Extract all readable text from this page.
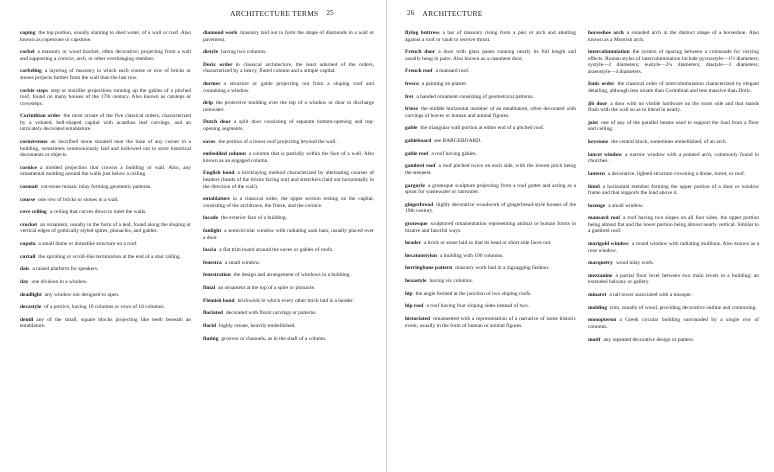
ARCHITECTURE TERMS 25

coping the top portion, usually slanting to shed water, of a wall or roof. Also known as copestone or capstone.

corbel a masonry or wood bracket, often decorative, projecting from a wall and supporting a cornice, arch, or other overhanging member.

corbeling a layering of masonry in which each course or row of bricks or stones projects further from the wall than the last row.

corbie steps step or stairlike projections running up the gables of a pitched roof, found on many houses of the 17th century. Also known as catsteps or crowsteps.

Corinthian order the most ornate of the five classical orders, characterized by a voluted, bell-shaped capital with acanthus leaf carvings, and an intricately decorated entablature.

cornerstone an inscribed stone situated near the base of any corner in a building, sometimes ceremoniously laid and hollowed out to store historical documents or objects.

cornice a molded projection that crowns a building or wall. Also, any ornamental molding around the walls just below a ceiling.

cosmati cut-stone mosaic inlay forming geometric patterns.

course one row of bricks or stones in a wall.

cove ceiling a ceiling that curves down to meet the walls.

crocket an ornament, usually in the form of a leaf, found along the sloping or vertical edges of gothically styled spires, pinnacles, and gables.

cupola a small dome or domelike structure on a roof.

curtail the spiraling or scroll-like termination at the end of a stair railing.

dais a raised platform for speakers.

day one division in a window.

deadlight any window not designed to open.

decastyle of a portico, having 10 columns or rows of 10 columns.

dentil any of the small, square blocks projecting like teeth beneath an entablature.

diamond work masonry laid out to form the shape of diamonds in a wall or pavement.

distyle having two columns.

Doric order in classical architecture, the least adorned of the orders, characterized by a heavy, fluted column and a simple capital.

dormer a structure or gable projecting out from a sloping roof and containing a window.

drip the protective molding over the top of a window or door to discharge rainwater.

Dutch door a split door consisting of separate bottom-opening and top-opening segments.

eaves the portion of a lower roof projecting beyond the wall.

embedded column a column that is partially within the face of a wall. Also known as an engaged column.

English bond a bricklaying method characterized by alternating courses of headers (heads of the bricks facing out) and stretchers (laid out horizontally in the direction of the wall).

entablature in a classical order, the upper section resting on the capital, consisting of the architrave, the frieze, and the cornice.

facade the exterior face of a building.

fanlight a semicircular window with radiating sash bars, usually placed over a door.

fascia a flat trim board around the eaves or gables of roofs.

fenestra a small window.

fenestration the design and arrangement of windows in a building.

finial an ornament at the top of a spire or pinnacle.

Flemish bond brickwork in which every other brick laid is a header.

floriated decorated with floral carvings or patterns.

florid highly ornate, heavily embellished.

fluting grooves or channels, as in the shaft of a column.

26 ARCHITECTURE

flying buttress a bar of masonry rising from a pier or arch and abutting against a roof or vault to receive thrust.

French door a door with glass panes running nearly its full length and usually hung in pairs. Also known as a casement door.

French roof a mansard roof.

fresco a painting on plaster.

fret a banded ornament consisting of geometrical patterns.

frieze the middle horizontal member of an entablature, often decorated with carvings of leaves or human and animal figures.

gable the triangular wall portion at either end of a pitched roof.

gableboard see BARGEBOARD.

gable roof a roof having gables.

gambrel roof a roof pitched twice on each side, with the lowest pitch being the steepest.

gargoyle a grotesque sculpture projecting from a roof gutter and acting as a spout for wastewater or rainwater.

gingerbread highly decorative woodwork of gingerbread-style houses of the 19th century.

grotesque sculptured ornamentation representing animal or human forms in bizarre and fanciful ways.

header a brick or stone laid so that its head or short side faces out.

hecatonstylon a building with 100 columns.

herringbone pattern masonry work laid in a zigzagging fashion.

hexastyle having six columns.

hip the angle formed at the junction of two sloping roofs.

hip roof a roof having four sloping sides instead of two.

historiated ornamented with a representation of a narrative of some historic event, usually in the form of human or animal figures.

horseshoe arch a rounded arch in the distinct shape of a horseshoe. Also known as a Moorish arch.

intercolumniation the system of spacing between a colonnade for varying effects. Roman styles of intercolumniation include pycnostyle—1½ diameters; systyle—2 diameters; eustyle—2¼ diameters; diastyle—3 diameters; araeostyle—4 diameters.

Ionic order the classical order of intercolumniation characterized by elegant detailing, although less ornate than Corinthian and less massive than Doric.

jib door a door with no visible hardware on the room side and that stands flush with the wall so as to blend in neatly.

joist one of any of the parallel beams used to support the load from a floor and ceiling.

keystone the central block, sometimes embellished, of an arch.

lancet window a narrow window with a pointed arch, commonly found in churches.

lantern a decorative, lighted structure crowning a dome, turret, or roof.

lintel a horizontal member forming the upper portion of a door or window frame and that supports the load above it.

lozenge a small window.

mansard roof a roof having two slopes on all four sides, the upper portion being almost flat and the lower portion being almost nearly vertical. Similar to a gambrel roof.

marigold window a round window with radiating mullions. Also known as a rose window.

marquetry wood inlay work.

mezzanine a partial floor level between two main levels in a building; an extended balcony or gallery.

minaret a tall tower associated with a mosque.

molding trim, usually of wood, providing decorative outline and contouring.

monopteron a Greek circular building surrounded by a single row of columns.

motif any repeated decorative design or pattern.
